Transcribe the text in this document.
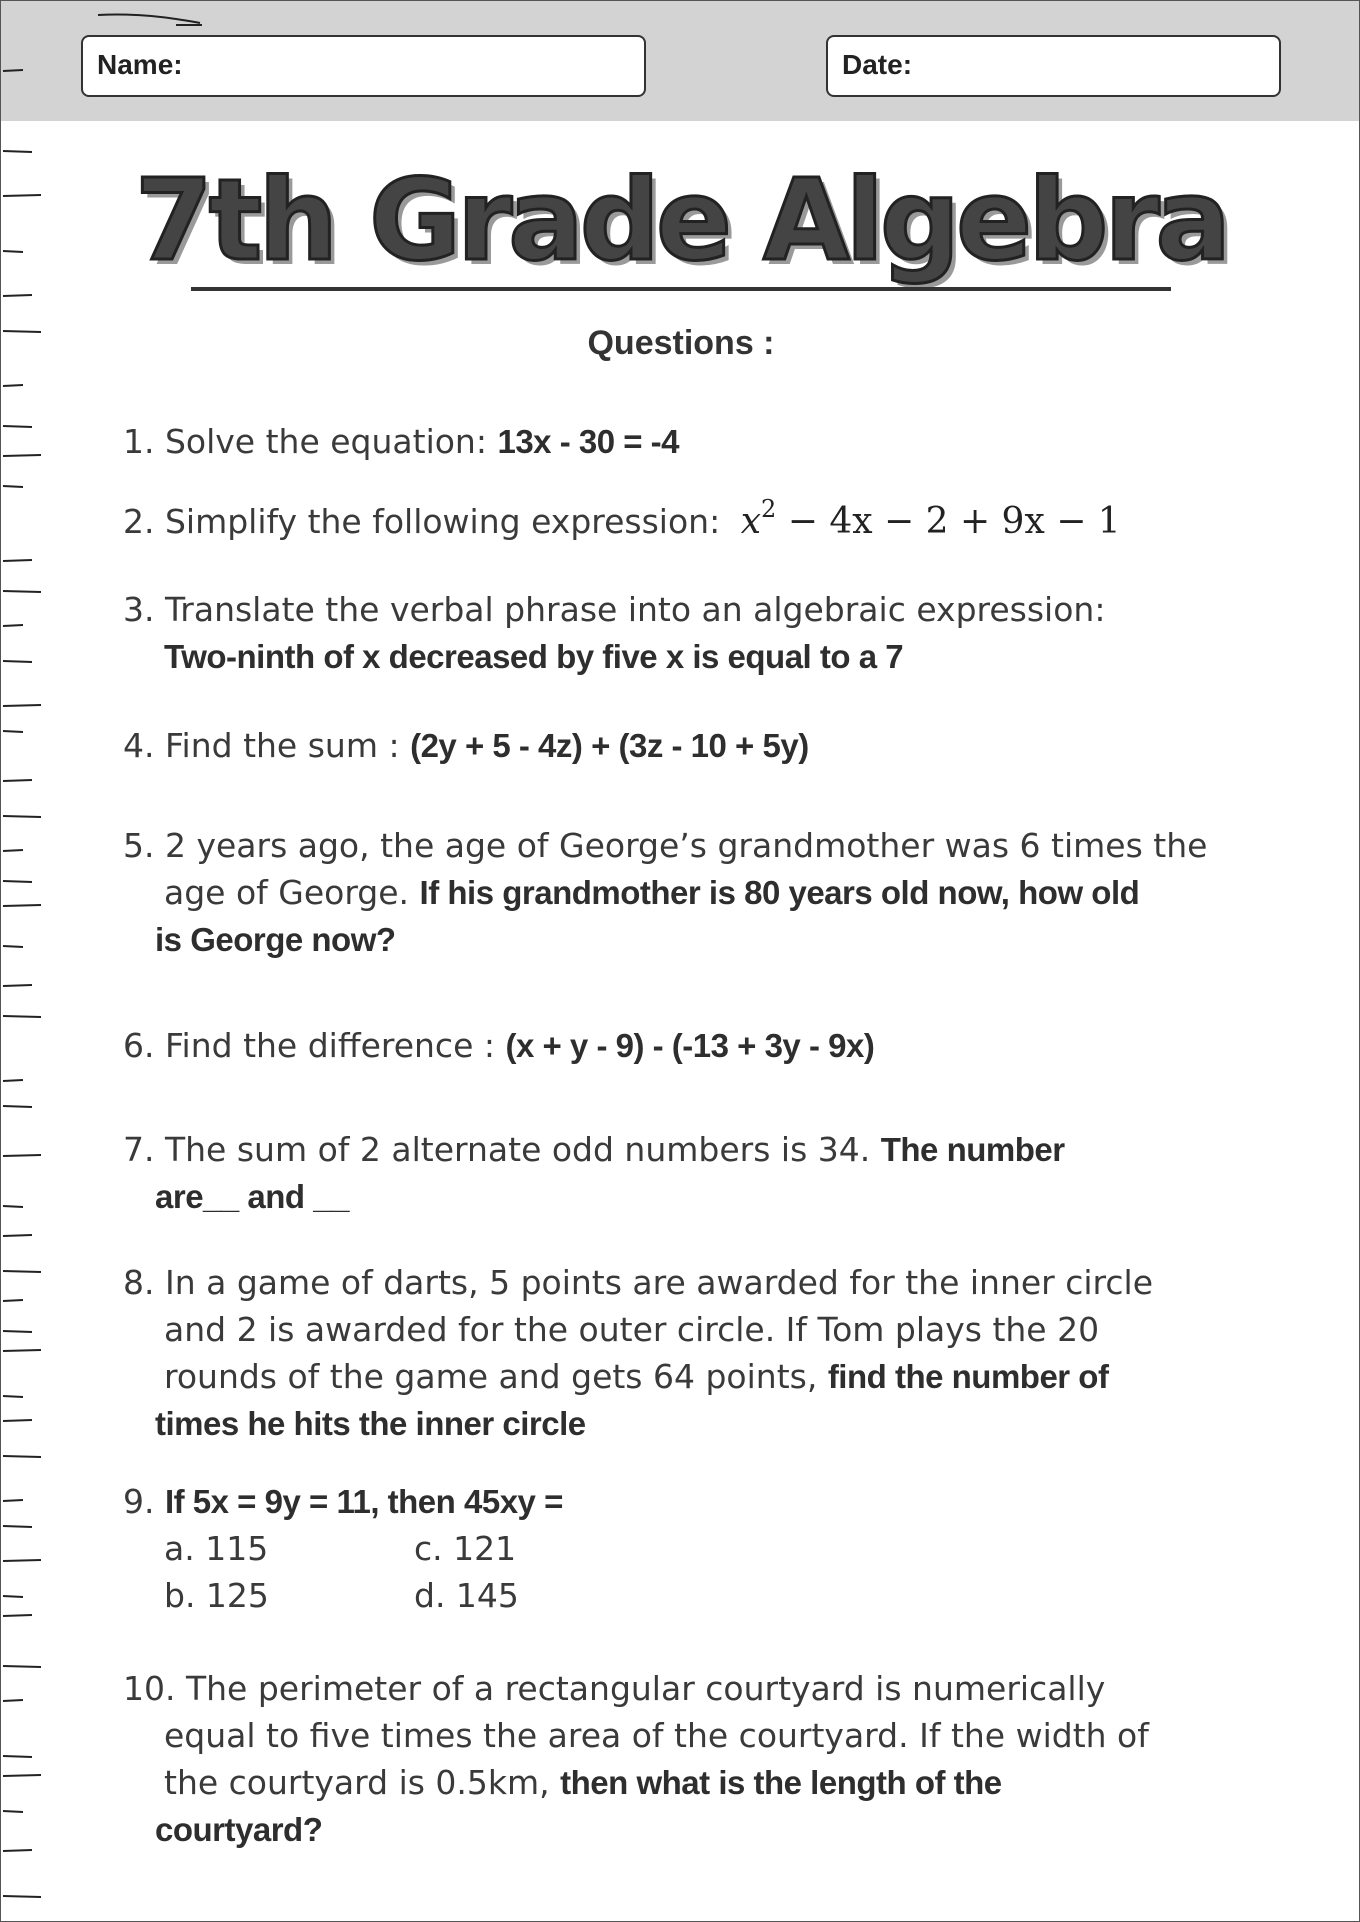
Name:	Date:
7th Grade Algebra
Questions :
1. Solve the equation: 13x - 30 = -4
2. Simplify the following expression: $x^2 - 4x - 2 + 9x - 1$
3. Translate the verbal phrase into an algebraic expression:
Two-ninth of x decreased by five x is equal to a 7
4. Find the sum : (2y + 5 - 4z) + (3z - 10 + 5y)
5. 2 years ago, the age of George’s grandmother was 6 times the
age of George. If his grandmother is 80 years old now, how old
is George now?
6. Find the difference : (x + y - 9) - (-13 + 3y - 9x)
7. The sum of 2 alternate odd numbers is 34. The number
are__ and __
8. In a game of darts, 5 points are awarded for the inner circle
and 2 is awarded for the outer circle. If Tom plays the 20
rounds of the game and gets 64 points, find the number of
times he hits the inner circle
9. If 5x = 9y = 11, then 45xy =
a. 115	c. 121
b. 125	d. 145
10. The perimeter of a rectangular courtyard is numerically
equal to five times the area of the courtyard. If the width of
the courtyard is 0.5km, then what is the length of the
courtyard?
